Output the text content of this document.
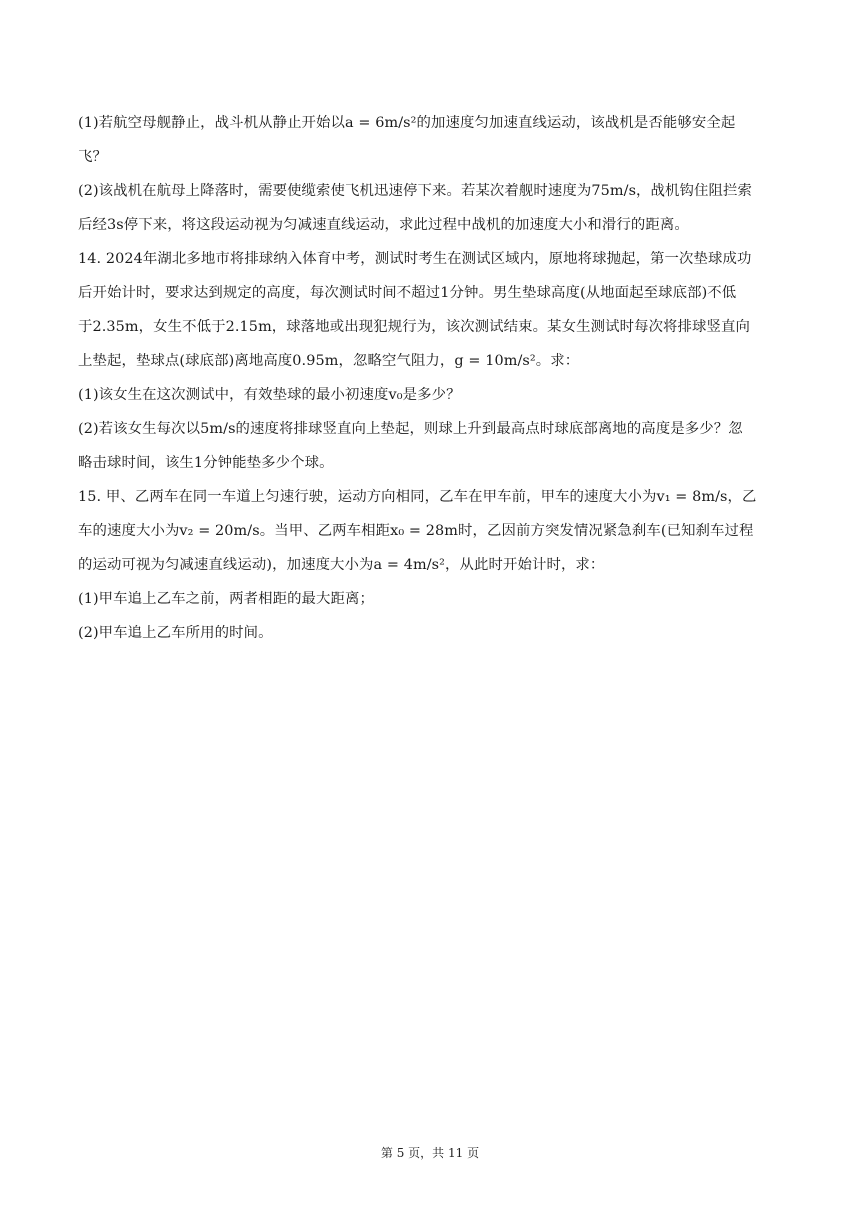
(1)若航空母舰静止，战斗机从静止开始以a = 6m/s²的加速度匀加速直线运动，该战机是否能够安全起
飞？
(2)该战机在航母上降落时，需要使缆索使飞机迅速停下来。若某次着舰时速度为75m/s，战机钩住阻拦索
后经3s停下来，将这段运动视为匀减速直线运动，求此过程中战机的加速度大小和滑行的距离。
14. 2024年湖北多地市将排球纳入体育中考，测试时考生在测试区域内，原地将球抛起，第一次垫球成功
后开始计时，要求达到规定的高度，每次测试时间不超过1分钟。男生垫球高度(从地面起至球底部)不低
于2.35m，女生不低于2.15m，球落地或出现犯规行为，该次测试结束。某女生测试时每次将排球竖直向
上垫起，垫球点(球底部)离地高度0.95m，忽略空气阻力，g = 10m/s²。求：
(1)该女生在这次测试中，有效垫球的最小初速度v₀是多少？
(2)若该女生每次以5m/s的速度将排球竖直向上垫起，则球上升到最高点时球底部离地的高度是多少？忽
略击球时间，该生1分钟能垫多少个球。
15. 甲、乙两车在同一车道上匀速行驶，运动方向相同，乙车在甲车前，甲车的速度大小为v₁ = 8m/s，乙
车的速度大小为v₂ = 20m/s。当甲、乙两车相距x₀ = 28m时，乙因前方突发情况紧急刹车(已知刹车过程
的运动可视为匀减速直线运动)，加速度大小为a = 4m/s²，从此时开始计时，求：
(1)甲车追上乙车之前，两者相距的最大距离；
(2)甲车追上乙车所用的时间。
第 5 页，共 11 页
